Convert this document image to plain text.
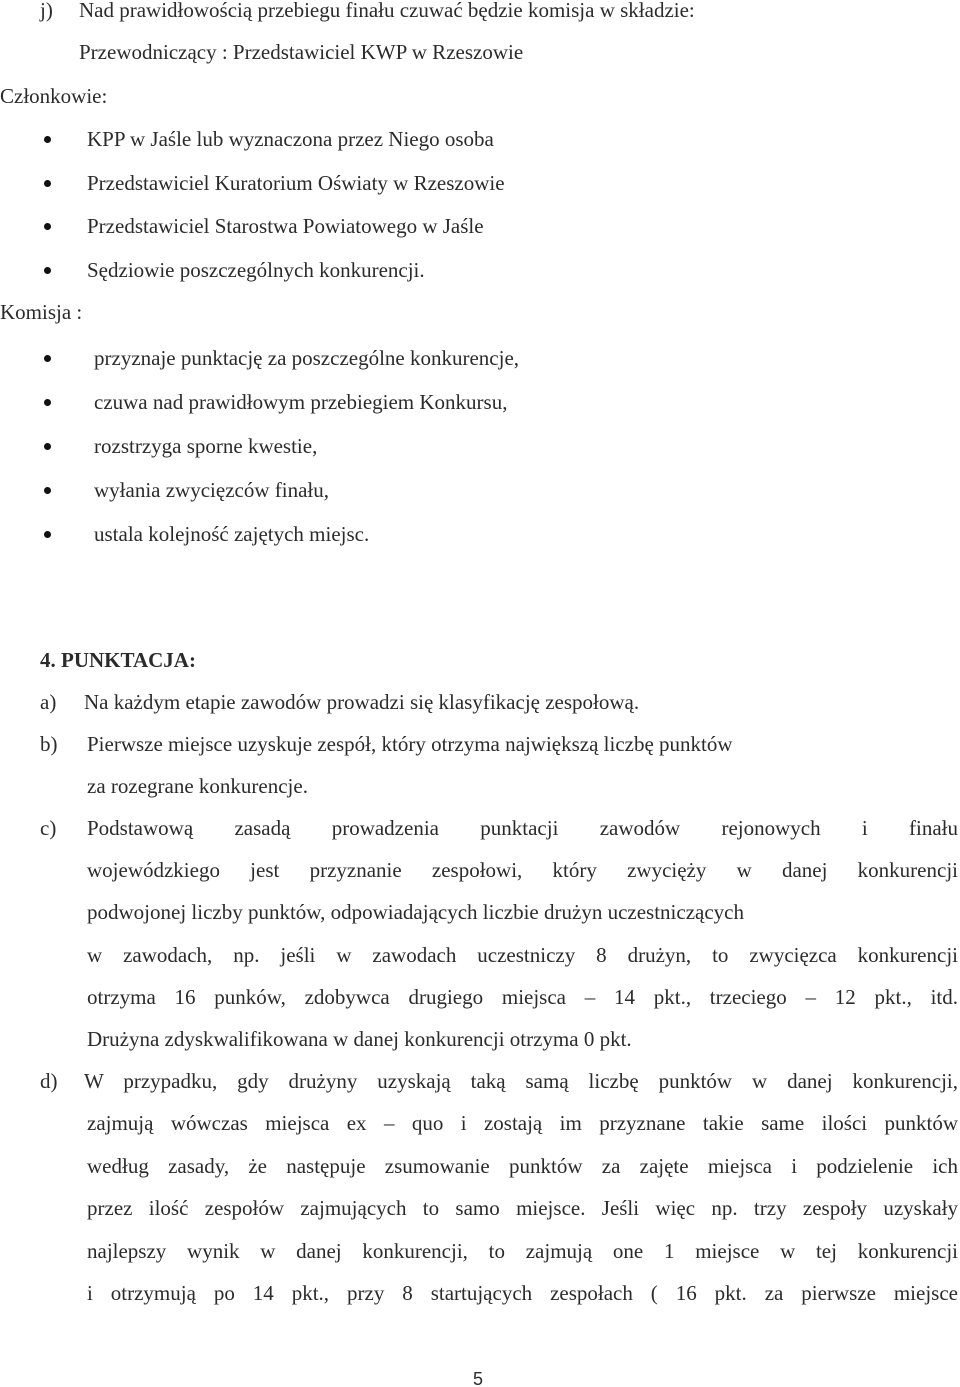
j) Nad prawidłowością przebiegu finału czuwać będzie komisja w składzie:
Przewodniczący : Przedstawiciel KWP w Rzeszowie
Członkowie:
KPP w Jaśle lub wyznaczona przez Niego osoba
Przedstawiciel Kuratorium Oświaty w Rzeszowie
Przedstawiciel Starostwa Powiatowego w Jaśle
Sędziowie poszczególnych konkurencji.
Komisja :
przyznaje punktację za poszczególne konkurencje,
czuwa nad prawidłowym przebiegiem Konkursu,
rozstrzyga sporne kwestie,
wyłania zwycięzców finału,
ustala kolejność zajętych miejsc.
4. PUNKTACJA:
a) Na każdym etapie zawodów prowadzi się klasyfikację zespołową.
b) Pierwsze miejsce uzyskuje zespół, który otrzyma największą liczbę punktów
za rozegrane konkurencje.
c) Podstawową zasadą prowadzenia punktacji zawodów rejonowych i finału
wojewódzkiego jest przyznanie zespołowi, który zwycięży w danej konkurencji
podwojonej liczby punktów, odpowiadających liczbie drużyn uczestniczących
w zawodach, np. jeśli w zawodach uczestniczy 8 drużyn, to zwycięzca konkurencji
otrzyma 16 punków, zdobywca drugiego miejsca – 14 pkt., trzeciego – 12 pkt., itd.
Drużyna zdyskwalifikowana w danej konkurencji otrzyma 0 pkt.
d) W przypadku, gdy drużyny uzyskają taką samą liczbę punktów w danej konkurencji,
zajmują wówczas miejsca ex – quo i zostają im przyznane takie same ilości punktów
według zasady, że następuje zsumowanie punktów za zajęte miejsca i podzielenie ich
przez ilość zespołów zajmujących to samo miejsce. Jeśli więc np. trzy zespoły uzyskały
najlepszy wynik w danej konkurencji, to zajmują one 1 miejsce w tej konkurencji
i otrzymują po 14 pkt., przy 8 startujących zespołach ( 16 pkt. za pierwsze miejsce
5
